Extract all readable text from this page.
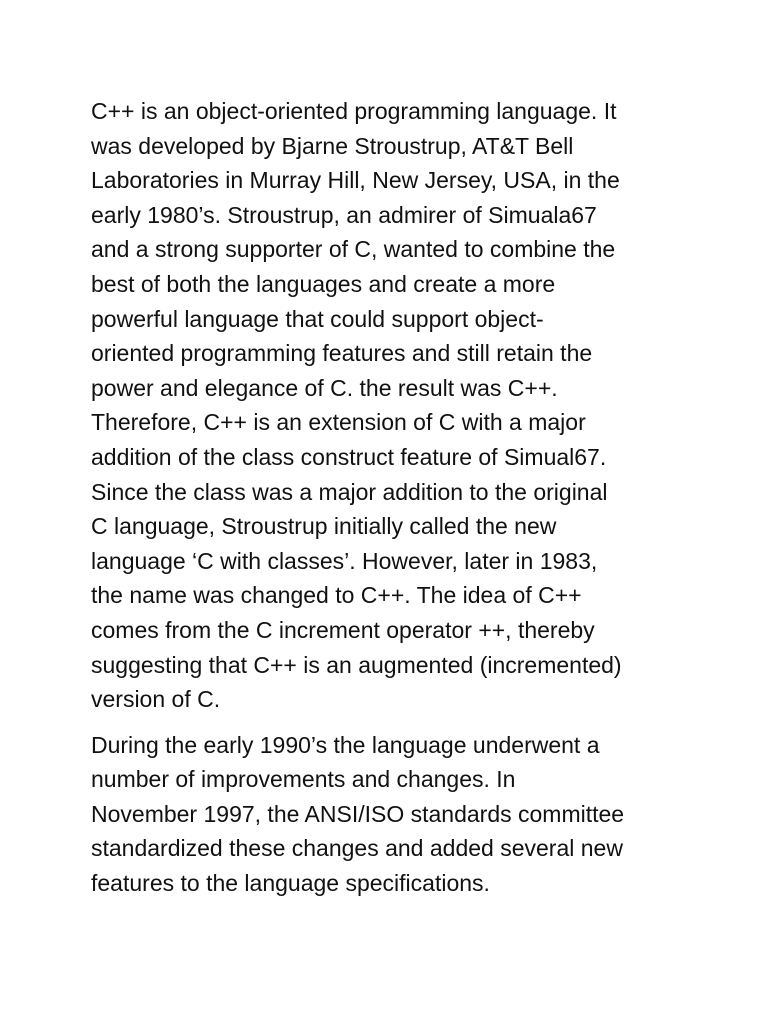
C++ is an object-oriented programming language. It
was developed by Bjarne Stroustrup, AT&T Bell
Laboratories in Murray Hill, New Jersey, USA, in the
early 1980’s. Stroustrup, an admirer of Simuala67
and a strong supporter of C, wanted to combine the
best of both the languages and create a more
powerful language that could support object-
oriented programming features and still retain the
power and elegance of C. the result was C++.
Therefore, C++ is an extension of C with a major
addition of the class construct feature of Simual67.
Since the class was a major addition to the original
C language, Stroustrup initially called the new
language ‘C with classes’. However, later in 1983,
the name was changed to C++. The idea of C++
comes from the C increment operator ++, thereby
suggesting that C++ is an augmented (incremented)
version of C.

During the early 1990’s the language underwent a
number of improvements and changes. In
November 1997, the ANSI/ISO standards committee
standardized these changes and added several new
features to the language specifications.
